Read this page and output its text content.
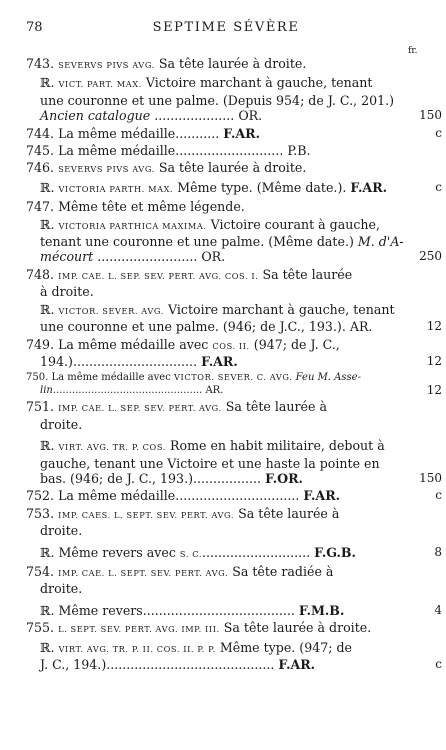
78	SEPTIME SÉVÈRE
fr.
743. SEVERVS PIVS AVG. Sa tête laurée à droite.
ℝ. VICT. PART. MAX. Victoire marchant à gauche, tenant
une couronne et une palme. (Depuis 954; de J. C., 201.)
Ancien catalogue .................... OR.	150
744. La même médaille........... F.AR.	c
745. La même médaille........................... P.B.
746. SEVERVS PIVS AVG. Sa tête laurée à droite.
ℝ. VICTORIA PARTH. MAX. Même type. (Même date.). F.AR.	c
747. Même tête et même légende.
ℝ. VICTORIA PARTHICA MAXIMA. Victoire courant à gauche,
tenant une couronne et une palme. (Même date.) M. d'A-
mécourt ......................... OR.	250
748. IMP. CAE. L. SEP. SEV. PERT. AVG. COS. I. Sa tête laurée
à droite.
ℝ. VICTOR. SEVER. AVG. Victoire marchant à gauche, tenant
une couronne et une palme. (946; de J.C., 193.). AR.	12
749. La même médaille avec COS. II. (947; de J. C.,
194.)............................... F.AR.	12
750. La même médaille avec VICTOR. SEVER. C. AVG. Feu M. Asse-
lin............................................... AR.	12
751. IMP. CAE. L. SEP. SEV. PERT. AVG. Sa tête laurée à
droite.
ℝ. VIRT. AVG. TR. P. COS. Rome en habit militaire, debout à
gauche, tenant une Victoire et une haste la pointe en
bas. (946; de J. C., 193.)................. F.OR.	150
752. La même médaille............................... F.AR.	c
753. IMP. CAES. L. SEPT. SEV. PERT. AVG. Sa tête laurée à
droite.
ℝ. Même revers avec S. C............................ F.G.B.	8
754. IMP. CAE. L. SEPT. SEV. PERT. AVG. Sa tête radiée à
droite.
ℝ. Même revers...................................... F.M.B.	4
755. L. SEPT. SEV. PERT. AVG. IMP. III. Sa tête laurée à droite.
ℝ. VIRT. AVG. TR. P. II. COS. II. P. P. Même type. (947; de
J. C., 194.).......................................... F.AR.	c
